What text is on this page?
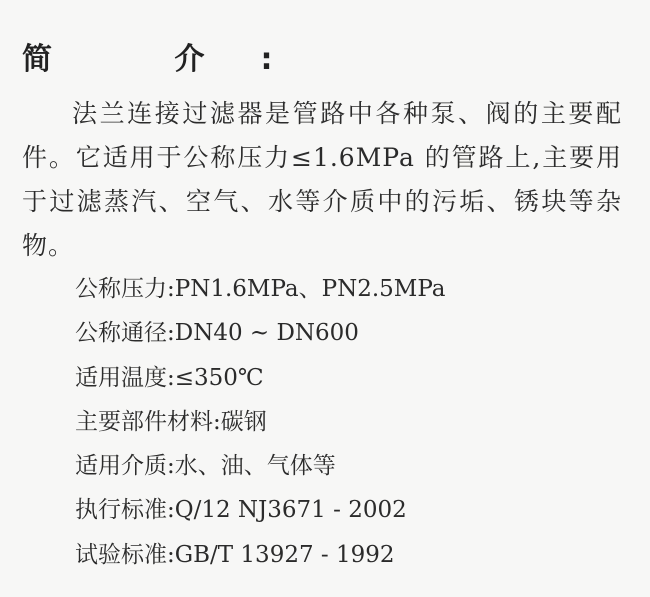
简 介:

法兰连接过滤器是管路中各种泵、阀的主要配件。它适用于公称压力≤1.6MPa 的管路上,主要用于过滤蒸汽、空气、水等介质中的污垢、锈块等杂物。

公称压力:PN1.6MPa、PN2.5MPa
公称通径:DN40 ~ DN600
适用温度:≤350℃
主要部件材料:碳钢
适用介质:水、油、气体等
执行标准:Q/12 NJ3671 - 2002
试验标准:GB/T 13927 - 1992
